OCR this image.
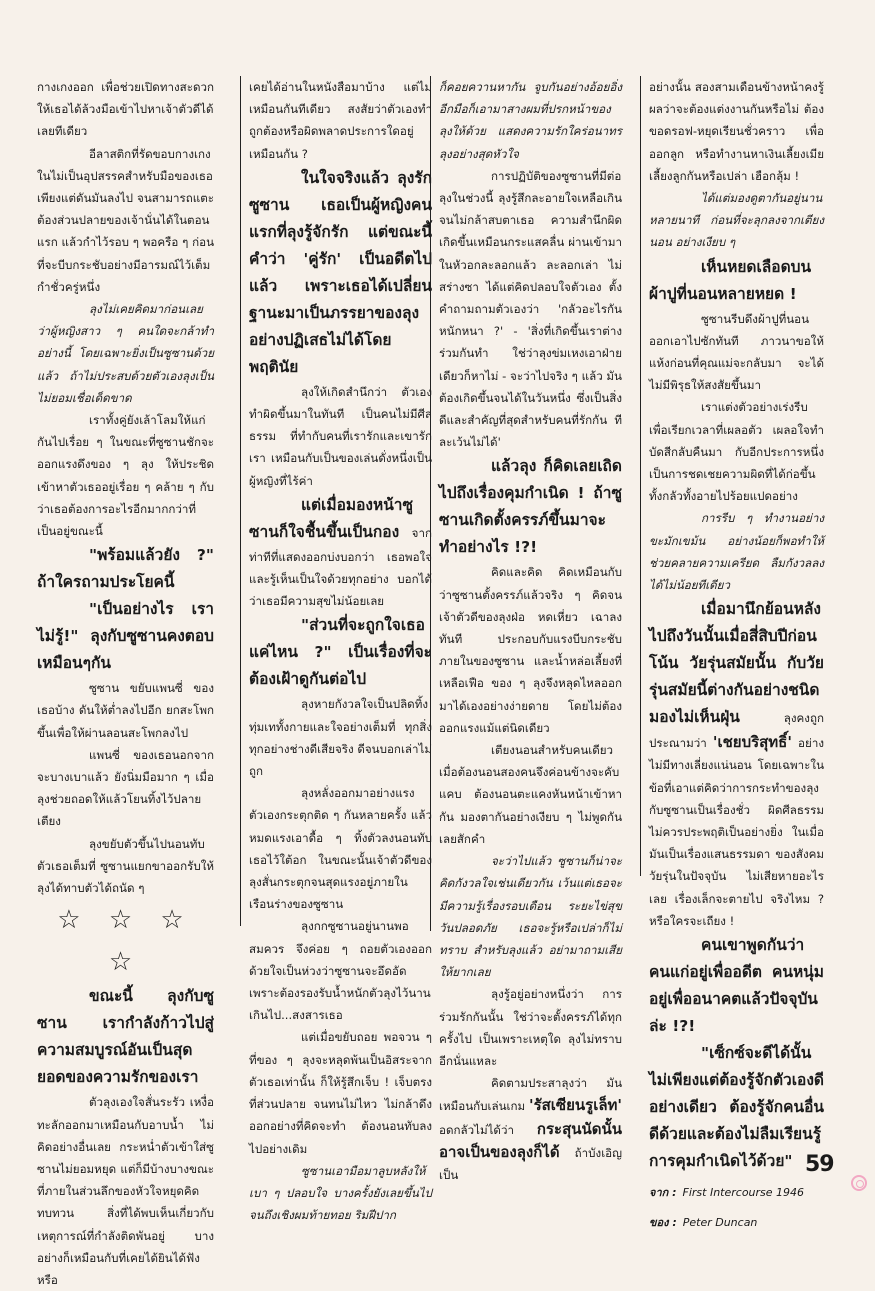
กางเกงออก เพื่อช่วยเปิดทางสะดวกให้เธอได้ล้วงมือเข้าไปหาเจ้าตัวดีได้เลยทีเดียว

อีลาสติกที่รัดขอบกางเกงในไม่เป็นอุปสรรคสำหรับมือของเธอ เพียงแต่ดันมันลงไป จนสามารถแตะต้องส่วนปลายของเจ้านั่นได้ในตอนแรก แล้วกำไว้รอบ ๆ พอครือ ๆ ก่อนที่จะบีบกระชับอย่างมีอารมณ์ไว้เต็มกำชั่วครู่หนึ่ง

ลุงไม่เคยคิดมาก่อนเลยว่าผู้หญิงสาว ๆ คนใดจะกล้าทำอย่างนี้ โดยเฉพาะยิ่งเป็นซูซานด้วยแล้ว ถ้าไม่ประสบด้วยตัวเองลุงเป็นไม่ยอมเชื่อเด็ดขาด

เราทั้งคู่ยังเล้าโลมให้แก่กันไปเรื่อย ๆ ในขณะที่ซูซานชักจะออกแรงดึงของ ๆ ลุง ให้ประชิดเข้าหาตัวเธออยู่เรื่อย ๆ คล้าย ๆ กับว่าเธอต้องการอะไรอีกมากกว่าที่เป็นอยู่ขณะนี้

"พร้อมแล้วยัง ?" ถ้าใครถามประโยคนี้

"เป็นอย่างไร เราไม่รู้!" ลุงกับซูซานคงตอบเหมือนๆกัน

ซูซาน ขยับแพนซี่ ของเธอบ้าง ดันให้ต่ำลงไปอีก ยกสะโพกขึ้นเพื่อให้ผ่านลอนสะโพกลงไป

แพนซี่ ของเธอนอกจากจะบางเบาแล้ว ยังนิ่มมือมาก ๆ เมื่อลุงช่วยถอดให้แล้วโยนทิ้งไว้ปลายเตียง

ลุงขยับตัวขึ้นไปนอนทับตัวเธอเต็มที่ ซูซานแยกขาออกรับให้ลุงได้ทาบตัวได้ถนัด ๆ

☆ ☆ ☆ ☆

ขณะนี้ ลุงกับซูซาน เรากำลังก้าวไปสู่ความสมบูรณ์อันเป็นสุดยอดของความรักของเรา

ตัวลุงเองใจสั่นระรัว เหงื่อทะลักออกมาเหมือนกับอาบน้ำ ไม่คิดอย่างอื่นเลย กระหน่ำตัวเข้าใส่ซูซานไม่ยอมหยุด แต่ก็มีบ้างบางขณะที่ภายในส่วนลึกของหัวใจหยุดคิดทบทวน สิ่งที่ได้พบเห็นเกี่ยวกับเหตุการณ์ที่กำลังติดพันอยู่ บางอย่างก็เหมือนกับที่เคยได้ยินได้ฟัง หรือ

เคยได้อ่านในหนังสือมาบ้าง แต่ไม่เหมือนกันทีเดียว สงสัยว่าตัวเองทำถูกต้องหรือผิดพลาดประการใดอยู่เหมือนกัน ?

ในใจจริงแล้ว ลุงรักซูซาน เธอเป็นผู้หญิงคนแรกที่ลุงรู้จักรัก แต่ขณะนี้คำว่า 'คู่รัก' เป็นอดีตไปแล้ว เพราะเธอได้เปลี่ยนฐานะมาเป็นภรรยาของลุง อย่างปฏิเสธไม่ได้โดยพฤตินัย

ลุงให้เกิดสำนึกว่า ตัวเองทำผิดขึ้นมาในทันที เป็นคนไม่มีศีลธรรม ที่ทำกับคนที่เรารักและเขารักเรา เหมือนกับเป็นของเล่นดั่งหนึ่งเป็นผู้หญิงที่ไร้ค่า

แต่เมื่อมองหน้าซูซานก็ใจชื้นขึ้นเป็นกอง จากท่าทีที่แสดงออกบ่งบอกว่า เธอพอใจและรู้เห็นเป็นใจด้วยทุกอย่าง บอกได้ว่าเธอมีความสุขไม่น้อยเลย

"ส่วนที่จะถูกใจเธอแค่ไหน ?" เป็นเรื่องที่จะต้องเฝ้าดูกันต่อไป

ลุงหายกังวลใจเป็นปลิดทิ้ง ทุ่มเททั้งกายและใจอย่างเต็มที่ ทุกสิ่งทุกอย่างช่างดีเสียจริง ดีจนบอกเล่าไม่ถูก

ลุงหลั่งออกมาอย่างแรง ตัวเองกระตุกติด ๆ กันหลายครั้ง แล้วหมดแรงเอาดื้อ ๆ ทิ้งตัวลงนอนทับเธอไว้ใต้อก ในขณะนั้นเจ้าตัวดีของลุงสั่นกระตุกจนสุดแรงอยู่ภายในเรือนร่างของซูซาน

ลุงกกซูซานอยู่นานพอสมควร จึงค่อย ๆ ถอยตัวเองออก ด้วยใจเป็นห่วงว่าซูซานจะอึดอัด เพราะต้องรองรับน้ำหนักตัวลุงไว้นานเกินไป...สงสารเธอ

แต่เมื่อขยับถอย พอจวน ๆ ที่ของ ๆ ลุงจะหลุดพ้นเป็นอิสระจากตัวเธอเท่านั้น ก็ให้รู้สึกเจ็บ ! เจ็บตรงที่ส่วนปลาย จนทนไม่ไหว ไม่กล้าดึงออกอย่างที่คิดจะทำ ต้องนอนทับลงไปอย่างเดิม

ซูซานเอามือมาลูบหลังให้เบา ๆ ปลอบใจ บางครั้งยังเลยขึ้นไปจนถึงเชิงผมท้ายทอย ริมฝีปาก

ก็คอยควานหากัน จูบกันอย่างอ้อยอิ่ง อีกมือก็เอามาสางผมที่ปรกหน้าของลุงให้ด้วย แสดงความรักใคร่อนาทรลุงอย่างสุดหัวใจ

การปฏิบัติของซูซานที่มีต่อลุงในช่วงนี้ ลุงรู้สึกละอายใจเหลือเกิน จนไม่กล้าสบตาเธอ ความสำนึกผิดเกิดขึ้นเหมือนกระแสคลื่น ผ่านเข้ามาในหัวอกละลอกแล้ว ละลอกเล่า ไม่สร่างซา ได้แต่คิดปลอบใจตัวเอง ตั้งคำถามถามตัวเองว่า 'กลัวอะไรกันหนักหนา ?' - 'สิ่งที่เกิดขึ้นเราต่างร่วมกันทำ ใช่ว่าลุงข่มเหงเอาฝ่ายเดียวก็หาไม่ - จะว่าไปจริง ๆ แล้ว มันต้องเกิดขึ้นจนได้ในวันหนึ่ง ซึ่งเป็นสิ่งดีและสำคัญที่สุดสำหรับคนที่รักกัน ทีละเว้นไม่ได้'

แล้วลุง ก็คิดเลยเถิดไปถึงเรื่องคุมกำเนิด ! ถ้าซูซานเกิดตั้งครรภ์ขึ้นมาจะทำอย่างไร !?!

คิดและคิด คิดเหมือนกับว่าซูซานตั้งครรภ์แล้วจริง ๆ คิดจนเจ้าตัวดีของลุงฝ่อ หดเหี่ยว เฉาลงทันที ประกอบกับแรงบีบกระชับภายในของซูซาน และน้ำหล่อเลี้ยงที่เหลือเฟือ ของ ๆ ลุงจึงหลุดไหลออกมาได้เองอย่างง่ายดาย โดยไม่ต้องออกแรงแม้แต่นิดเดียว

เตียงนอนสำหรับคนเดียว เมื่อต้องนอนสองคนจึงค่อนข้างจะคับแคบ ต้องนอนตะแคงหันหน้าเข้าหากัน มองตากันอย่างเงียบ ๆ ไม่พูดกันเลยสักคำ

จะว่าไปแล้ว ซูซานก็น่าจะคิดกังวลใจเช่นเดียวกัน เว้นแต่เธอจะมีความรู้เรื่องรอบเดือน ระยะไข่สุข วันปลอดภัย เธอจะรู้หรือเปล่าก็ไม่ทราบ สำหรับลุงแล้ว อย่ามาถามเสียให้ยากเลย

ลุงรู้อยู่อย่างหนึ่งว่า การร่วมรักกันนั้น ใช่ว่าจะตั้งครรภ์ได้ทุกครั้งไป เป็นเพราะเหตุใด ลุงไม่ทราบอีกนั่นแหละ

คิดตามประสาลุงว่า มันเหมือนกับเล่นเกม 'รัสเซียนรูเล็ท' อดกลัวไม่ได้ว่า กระสุนนัดนั้นอาจเป็นของลุงก็ได้ ถ้าบังเอิญเป็น

อย่างนั้น สองสามเดือนข้างหน้าคงรู้ผลว่าจะต้องแต่งงานกันหรือไม่ ต้องขอดรอฟ-หยุดเรียนชั่วคราว เพื่อออกลูก หรือทำงานหาเงินเลี้ยงเมียเลี้ยงลูกกันหรือเปล่า เฮือกลุ้ม !

ได้แต่มองดูตากันอยู่นานหลายนาที ก่อนที่จะลุกลงจากเตียงนอน อย่างเงียบ ๆ

เห็นหยดเลือดบนผ้าปูที่นอนหลายหยด !

ซูซานรีบดึงผ้าปูที่นอนออกเอาไปซักทันที ภาวนาขอให้แห้งก่อนที่คุณแม่จะกลับมา จะได้ไม่มีพิรุธให้สงสัยขึ้นมา

เราแต่งตัวอย่างเร่งรีบ เพื่อเรียกเวลาที่เผลอตัว เผลอใจทำบัดสีกลับคืนมา กับอีกประการหนึ่ง เป็นการชดเชยความผิดที่ได้ก่อขึ้นทั้งกลัวทั้งอายไปร้อยแปดอย่าง

การรีบ ๆ ทำงานอย่างขะมักเขม้น อย่างน้อยก็พอทำให้ช่วยคลายความเครียด ลืมกังวลลงได้ไม่น้อยทีเดียว

เมื่อมานึกย้อนหลังไปถึงวันนั้นเมื่อสี่สิบปีก่อนโน้น วัยรุ่นสมัยนั้น กับวัยรุ่นสมัยนี้ต่างกันอย่างชนิดมองไม่เห็นฝุ่น ลุงคงถูกประณามว่า 'เชยบริสุทธิ์' อย่างไม่มีทางเลี่ยงแน่นอน โดยเฉพาะในข้อที่เอาแต่คิดว่าการกระทำของลุงกับซูซานเป็นเรื่องชั่ว ผิดศีลธรรม ไม่ควรประพฤติเป็นอย่างยิ่ง ในเมื่อมันเป็นเรื่องแสนธรรมดา ของสังคมวัยรุ่นในปัจจุบัน ไม่เสียหายอะไรเลย เรื่องเล็กจะตายไป จริงไหม ? หรือใครจะเถียง !

คนเขาพูดกันว่า คนแก่อยู่เพื่ออดีต คนหนุ่มอยู่เพื่ออนาคตแล้วปัจจุบันล่ะ !?!

"เซ็กซ์จะดีได้นั้น ไม่เพียงแต่ต้องรู้จักตัวเองดีอย่างเดียว ต้องรู้จักคนอื่นดีด้วยและต้องไม่ลืมเรียนรู้การคุมกำเนิดไว้ด้วย"

จาก : First Intercourse 1946
ของ : Peter Duncan
59
